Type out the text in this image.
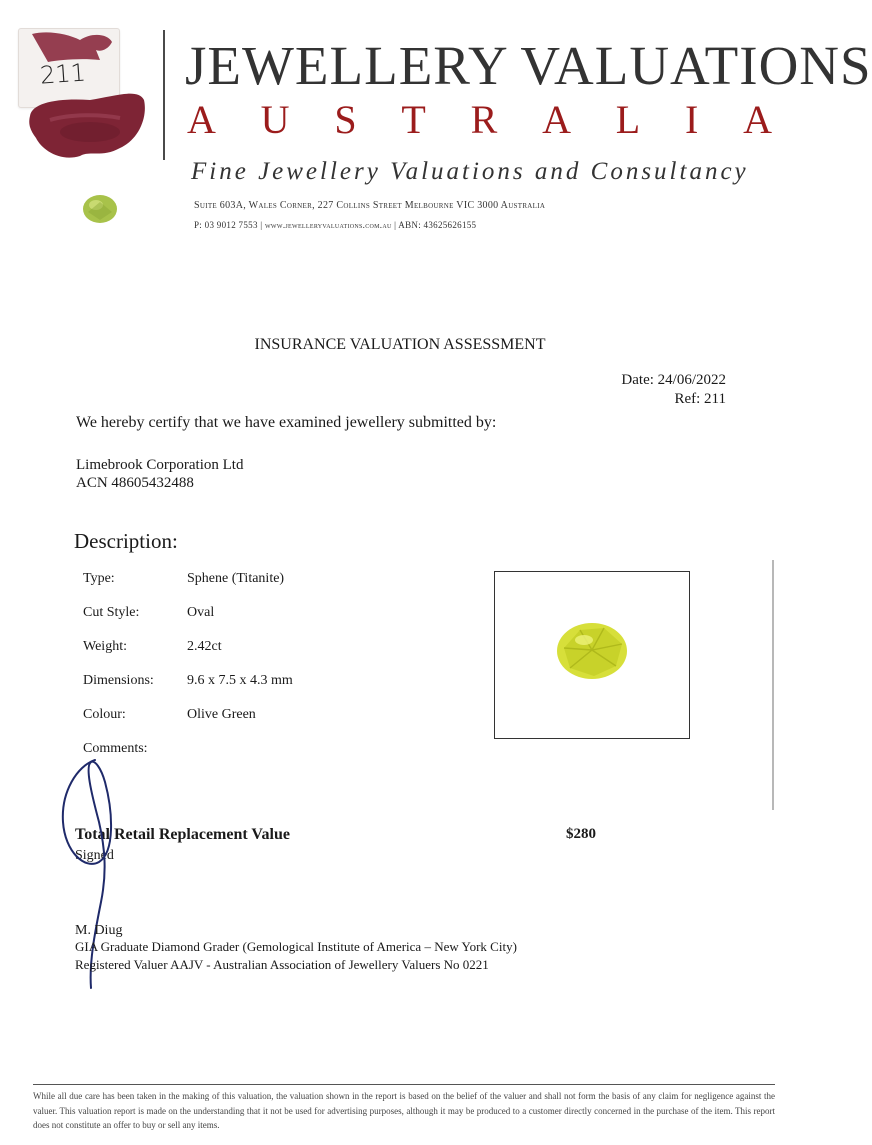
211 JEWELLERY VALUATIONS
A U S T R A L I A
Fine Jewellery Valuations and Consultancy
Suite 603A, Wales Corner, 227 Collins Street Melbourne VIC 3000 Australia
P: 03 9012 7553 | www.jewelleryvaluations.com.au | ABN: 43625626155
INSURANCE VALUATION ASSESSMENT
Date: 24/06/2022
Ref: 211
We hereby certify that we have examined jewellery submitted by:
Limebrook Corporation Ltd
ACN 48605432488
Description:
Type:	Sphene (Titanite)
Cut Style:	Oval
Weight:	2.42ct
Dimensions: 9.6 x 7.5 x 4.3 mm
Colour:	Olive Green
Comments:
Total Retail Replacement Value	$280
Signed
M. Diug
GIA Graduate Diamond Grader (Gemological Institute of America – New York City)
Registered Valuer AAJV - Australian Association of Jewellery Valuers No 0221
While all due care has been taken in the making of this valuation, the valuation shown in the report is based on the belief of the valuer and shall not form the basis of any claim for negligence against the valuer. This valuation report is made on the understanding that it not be used for advertising purposes, although it may be produced to a customer directly concerned in the purchase of the item. This report does not constitute an offer to buy or sell any items.
